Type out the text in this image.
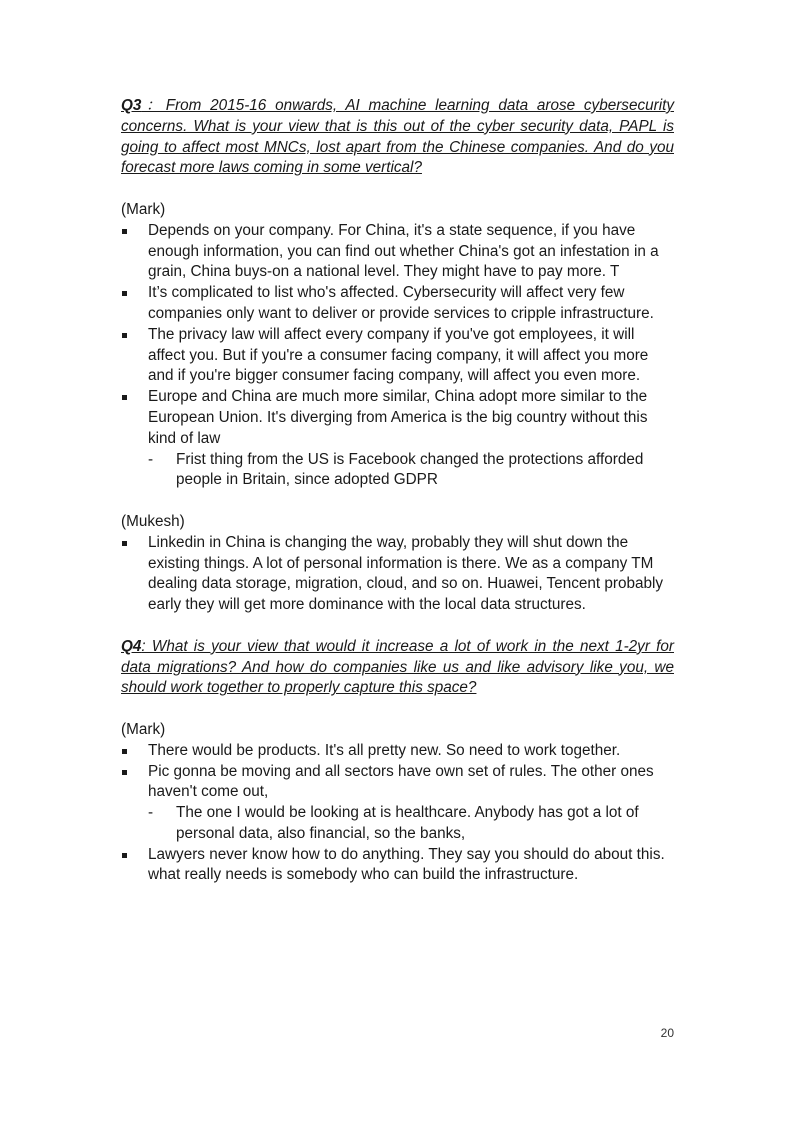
Q3：From 2015-16 onwards, AI machine learning data arose cybersecurity concerns. What is your view that is this out of the cyber security data, PAPL is going to affect most MNCs, lost apart from the Chinese companies. And do you forecast more laws coming in some vertical?

(Mark)

Depends on your company. For China, it's a state sequence, if you have enough information, you can find out whether China's got an infestation in a grain, China buys-on a national level. They might have to pay more. T
It’s complicated to list who's affected. Cybersecurity will affect very few companies only want to deliver or provide services to cripple infrastructure.
The privacy law will affect every company if you've got employees, it will affect you. But if you're a consumer facing company, it will affect you more and if you're bigger consumer facing company, will affect you even more.
Europe and China are much more similar, China adopt more similar to the European Union. It's diverging from America is the big country without this kind of law
- Frist thing from the US is Facebook changed the protections afforded people in Britain, since adopted GDPR

(Mukesh)

Linkedin in China is changing the way, probably they will shut down the existing things. A lot of personal information is there. We as a company TM dealing data storage, migration, cloud, and so on. Huawei, Tencent probably early they will get more dominance with the local data structures.

Q4: What is your view that would it increase a lot of work in the next 1-2yr for data migrations? And how do companies like us and like advisory like you, we should work together to properly capture this space?

(Mark)

There would be products. It's all pretty new. So need to work together.
Pic gonna be moving and all sectors have own set of rules. The other ones haven't come out,
- The one I would be looking at is healthcare. Anybody has got a lot of personal data, also financial, so the banks,
Lawyers never know how to do anything. They say you should do about this. what really needs is somebody who can build the infrastructure.
20
